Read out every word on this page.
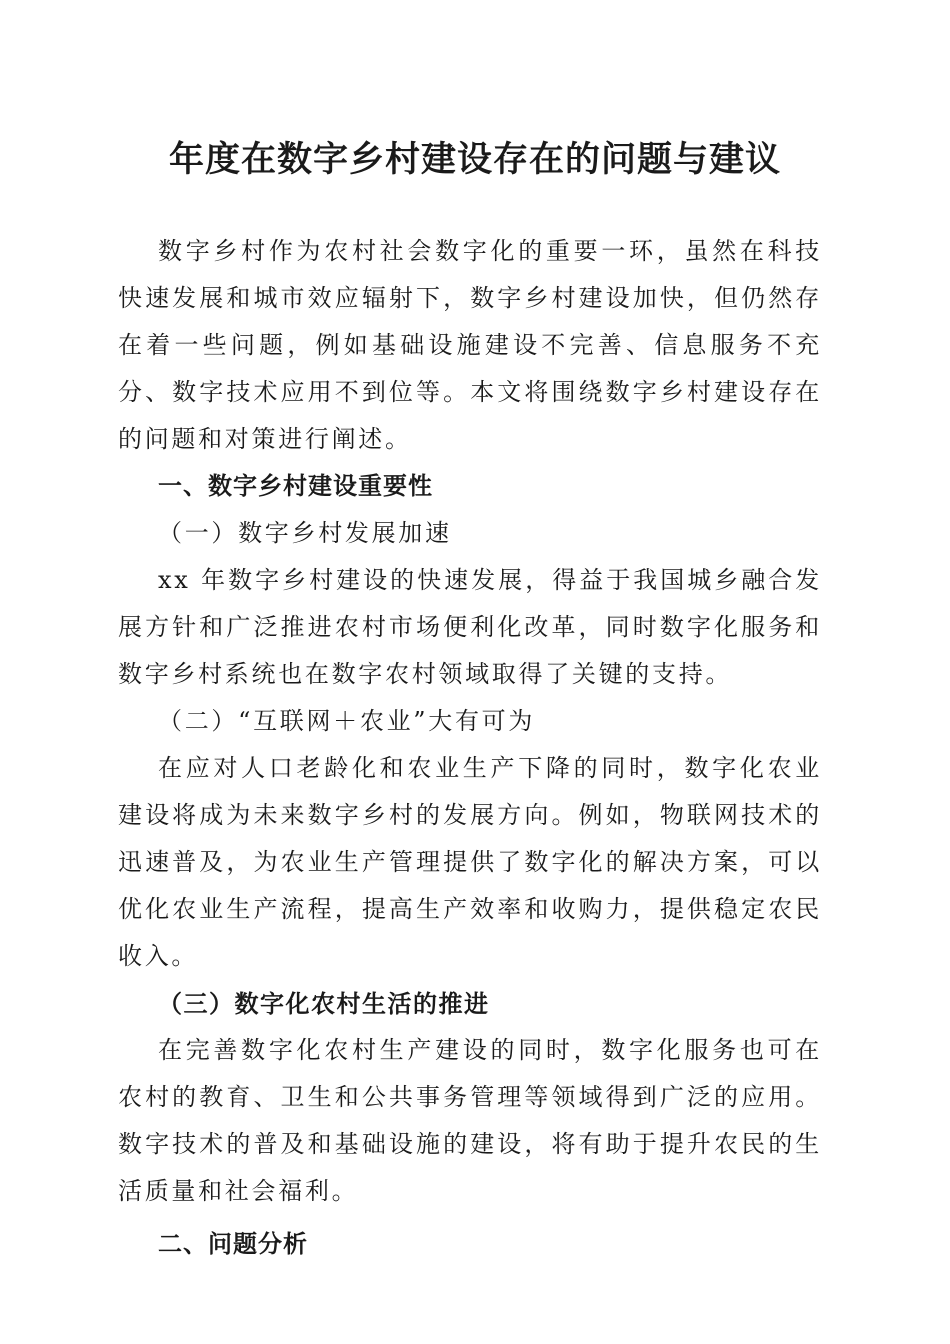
年度在数字乡村建设存在的问题与建议

数字乡村作为农村社会数字化的重要一环，虽然在科技快速发展和城市效应辐射下，数字乡村建设加快，但仍然存在着一些问题，例如基础设施建设不完善、信息服务不充分、数字技术应用不到位等。本文将围绕数字乡村建设存在的问题和对策进行阐述。

一、数字乡村建设重要性

（一）数字乡村发展加速

xx 年数字乡村建设的快速发展，得益于我国城乡融合发展方针和广泛推进农村市场便利化改革，同时数字化服务和数字乡村系统也在数字农村领域取得了关键的支持。

（二）“互联网＋农业”大有可为

在应对人口老龄化和农业生产下降的同时，数字化农业建设将成为未来数字乡村的发展方向。例如，物联网技术的迅速普及，为农业生产管理提供了数字化的解决方案，可以优化农业生产流程，提高生产效率和收购力，提供稳定农民收入。

（三）数字化农村生活的推进

在完善数字化农村生产建设的同时，数字化服务也可在农村的教育、卫生和公共事务管理等领域得到广泛的应用。数字技术的普及和基础设施的建设，将有助于提升农民的生活质量和社会福利。

二、问题分析
